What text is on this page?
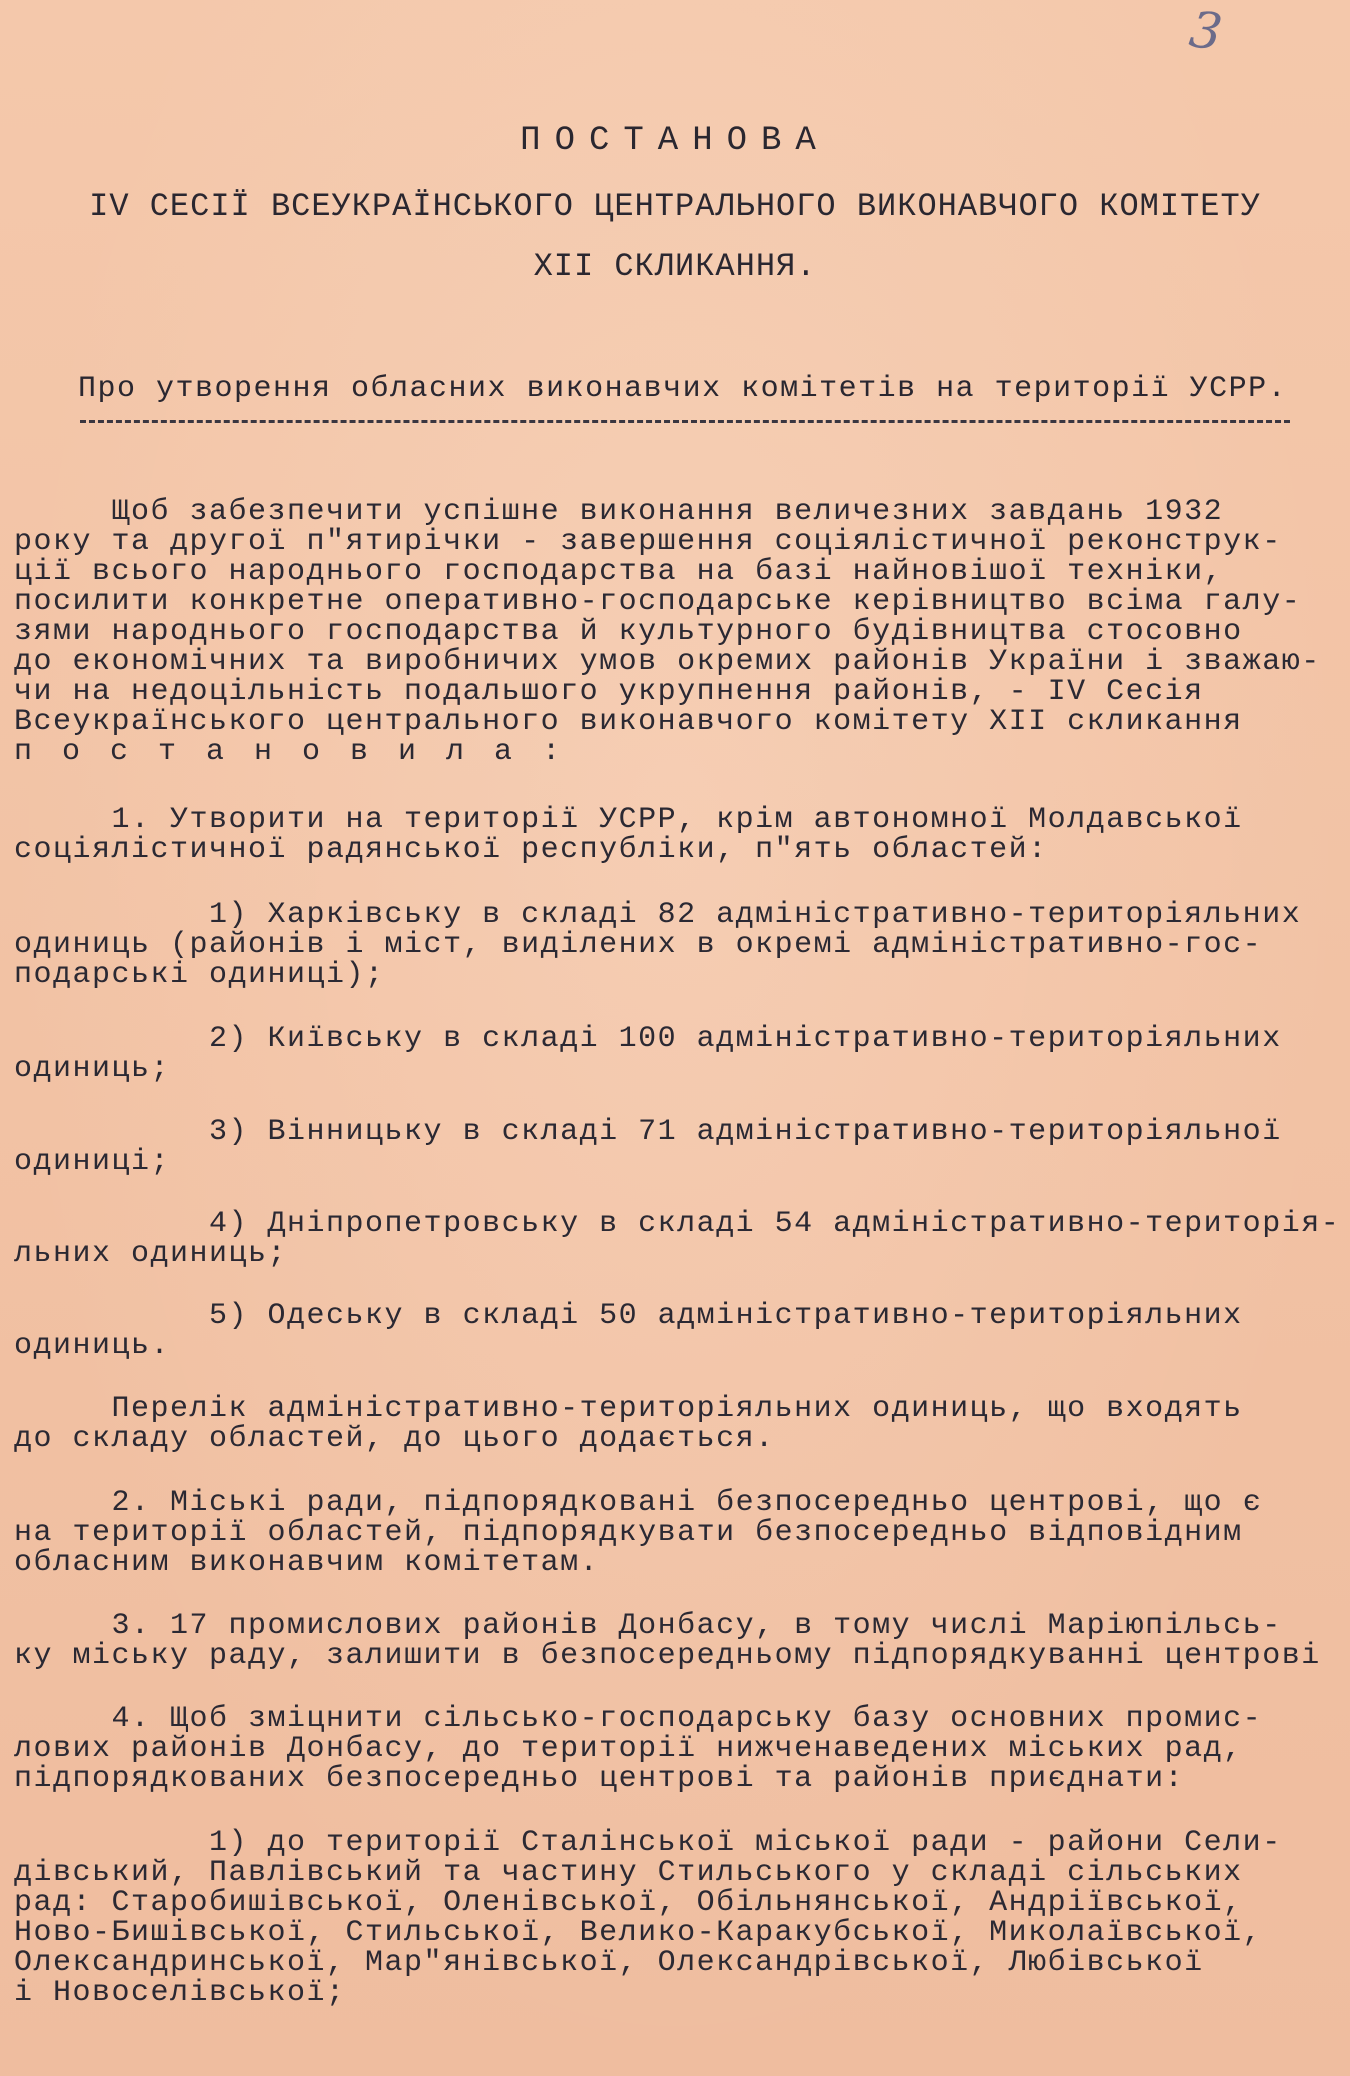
3
ПОСТАНОВА
IV СЕСІЇ ВСЕУКРАЇНСЬКОГО ЦЕНТРАЛЬНОГО ВИКОНАВЧОГО КОМІТЕТУ
ХII СКЛИКАННЯ.
Про утворення обласних виконавчих комітетів на території УСРР.
Щоб забезпечити успішне виконання величезних завдань 1932
року та другої п"ятирічки - завершення соціялістичної реконструк-
ції всього народнього господарства на базі найновішої техніки,
посилити конкретне оперативно-господарське керівництво всіма галу-
зями народнього господарства й культурного будівництва стосовно
до економічних та виробничих умов окремих районів України і зважаю-
чи на недоцільність подальшого укрупнення районів, - IV Сесія
Всеукраїнського центрального виконавчого комітету ХII скликання
п о с т а н о в и л а :
1. Утворити на території УСРР, крім автономної Молдавської
соціялістичної радянської республіки, п"ять областей:
1) Харківську в складі 82 адміністративно-територіяльних
одиниць (районів і міст, виділених в окремі адміністративно-гос-
подарські одиниці);
2) Київську в складі 100 адміністративно-територіяльних
одиниць;
3) Вінницьку в складі 71 адміністративно-територіяльної
одиниці;
4) Дніпропетровську в складі 54 адміністративно-територія-
льних одиниць;
5) Одеську в складі 50 адміністративно-територіяльних
одиниць.
Перелік адміністративно-територіяльних одиниць, що входять
до складу областей, до цього додається.
2. Міські ради, підпорядковані безпосередньо центрові, що є
на території областей, підпорядкувати безпосередньо відповідним
обласним виконавчим комітетам.
3. 17 промислових районів Донбасу, в тому числі Маріюпільсь-
ку міську раду, залишити в безпосередньому підпорядкуванні центрові
4. Щоб зміцнити сільсько-господарську базу основних промис-
лових районів Донбасу, до території нижченаведених міських рад,
підпорядкованих безпосередньо центрові та районів приєднати:
1) до території Сталінської міської ради - райони Сели-
дівський, Павлівський та частину Стильського у складі сільських
рад: Старобишівської, Оленівської, Обільнянської, Андріївської,
Ново-Бишівської, Стильської, Велико-Каракубської, Миколаївської,
Олександринської, Мар"янівської, Олександрівської, Любівської
і Новоселівської;
